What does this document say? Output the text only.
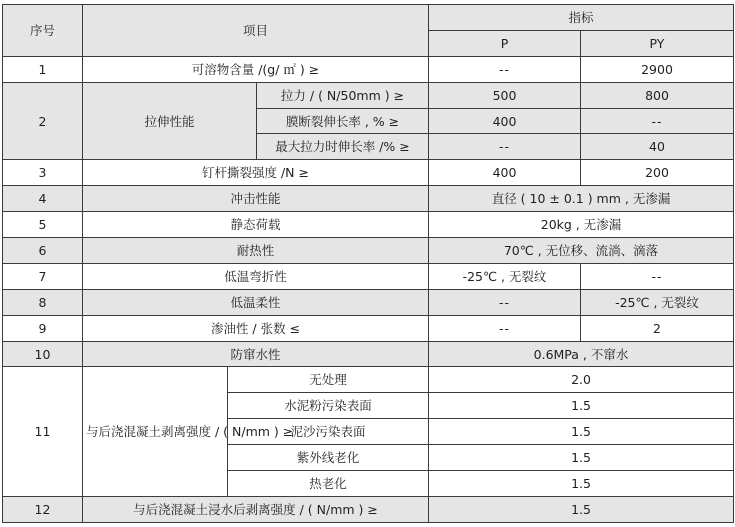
序号	项目			指标	
				P	PY
1	可溶物含量 /(g/ ㎡ ) ≥			--	2900
2	拉伸性能		拉力 / ( N/50mm ) ≥	500	800
			膜断裂伸长率 , % ≥	400	--
			最大拉力时伸长率 /% ≥	--	40
3	钉杆撕裂强度 /N ≥			400	200
4	冲击性能			直径 ( 10 ± 0.1 ) mm , 无渗漏	
5	静态荷载			20kg , 无渗漏	
6	耐热性			70℃ , 无位移、流淌、滴落	
7	低温弯折性			-25℃ , 无裂纹	--
8	低温柔性			--	-25℃ , 无裂纹
9	渗油性 / 张数 ≤			--	2
10	防窜水性			0.6MPa , 不窜水	
11	与后浇混凝土剥离强度 / ( N/mm ) ≥	无处理		2.0	
		水泥粉污染表面		1.5	
		泥沙污染表面		1.5	
		紫外线老化		1.5	
		热老化		1.5	
12	与后浇混凝土浸水后剥离强度 / ( N/mm ) ≥			1.5	
